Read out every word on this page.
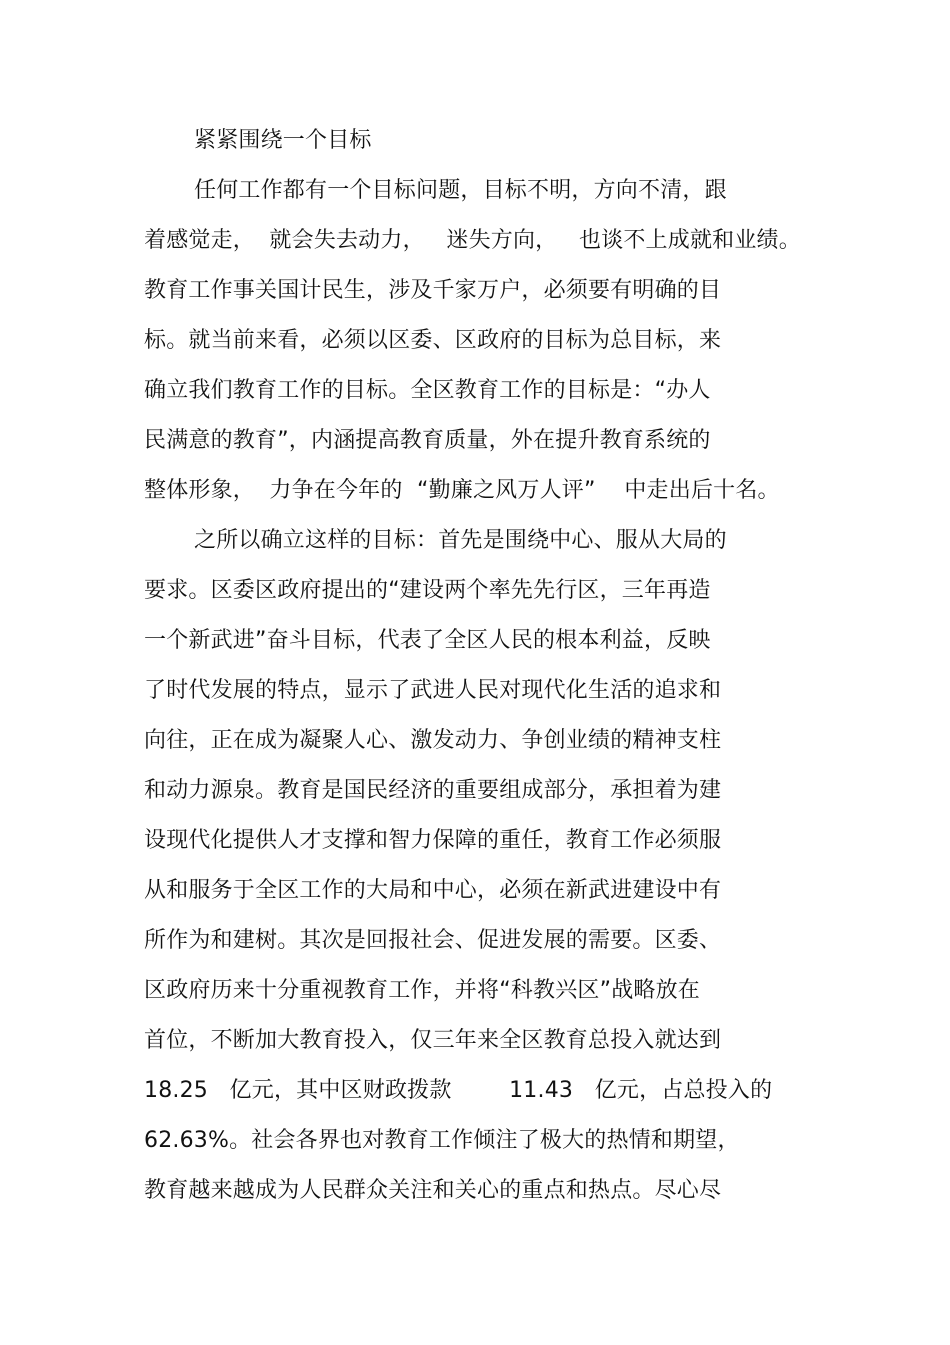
紧紧围绕一个目标
任何工作都有一个目标问题，目标不明，方向不清，跟
着感觉走，  就会失去动力，   迷失方向，   也谈不上成就和业绩。
教育工作事关国计民生，涉及千家万户，必须要有明确的目
标。就当前来看，必须以区委、区政府的目标为总目标，来
确立我们教育工作的目标。全区教育工作的目标是：“办人
民满意的教育”，内涵提高教育质量，外在提升教育系统的
整体形象，  力争在今年的  “勤廉之风万人评”    中走出后十名。
之所以确立这样的目标：首先是围绕中心、服从大局的
要求。区委区政府提出的“建设两个率先先行区，三年再造
一个新武进”奋斗目标，代表了全区人民的根本利益，反映
了时代发展的特点，显示了武进人民对现代化生活的追求和
向往，正在成为凝聚人心、激发动力、争创业绩的精神支柱
和动力源泉。教育是国民经济的重要组成部分，承担着为建
设现代化提供人才支撑和智力保障的重任，教育工作必须服
从和服务于全区工作的大局和中心，必须在新武进建设中有
所作为和建树。其次是回报社会、促进发展的需要。区委、
区政府历来十分重视教育工作，并将“科教兴区”战略放在
首位，不断加大教育投入，仅三年来全区教育总投入就达到
18.25   亿元，其中区财政拨款        11.43   亿元，占总投入的
62.63%。社会各界也对教育工作倾注了极大的热情和期望，
教育越来越成为人民群众关注和关心的重点和热点。尽心尽
